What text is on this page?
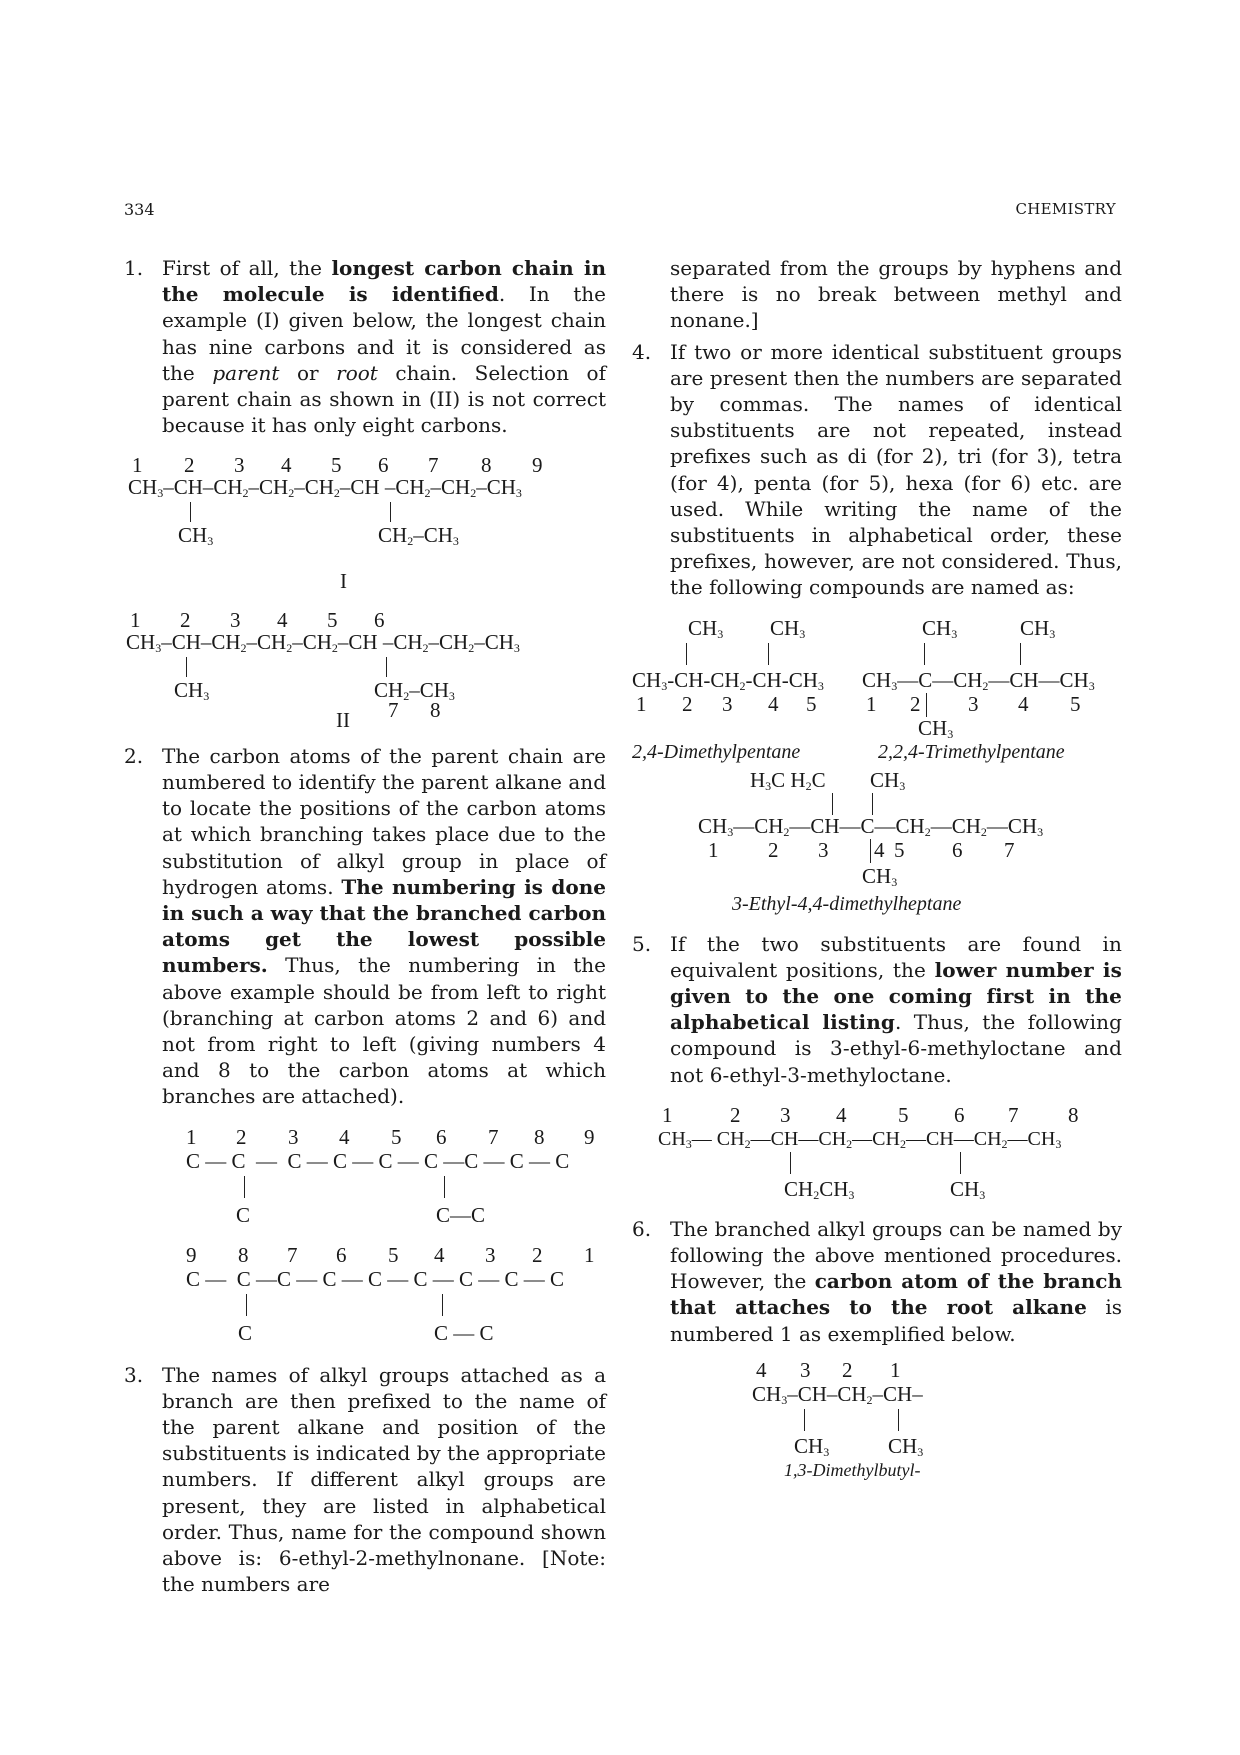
334	CHEMISTRY
1. First of all, the longest carbon chain in the molecule is identified. In the example (I) given below, the longest chain has nine carbons and it is considered as the parent or root chain. Selection of parent chain as shown in (II) is not correct because it has only eight carbons.

1 2 3 4 5 6 7 8 9
$CH_3-CH-CH_2-CH_2-CH_2-CH$ $-CH_2-CH_2-CH_3$
$CH_3$	$CH_2-CH_3$
I
1 2 3 4 5 6
$CH_3-CH-CH_2-CH_2-CH_2-CH$ $-CH_2-CH_2-CH_3$
$CH_3$	$CH_2-CH_3$
7 8
II
2. The carbon atoms of the parent chain are numbered to identify the parent alkane and to locate the positions of the carbon atoms at which branching takes place due to the substitution of alkyl group in place of hydrogen atoms. The numbering is done in such a way that the branched carbon atoms get the lowest possible numbers. Thus, the numbering in the above example should be from left to right (branching at carbon atoms 2 and 6) and not from right to left (giving numbers 4 and 8 to the carbon atoms at which branches are attached).

1 2 3 4 5 6 7 8 9
C — C  —  C — C — C — C —C — C — C
C	C—C
9 8 7 6 5 4 3 2 1
C —  C —C — C — C — C — C — C — C
C	C — C
3. The names of alkyl groups attached as a branch are then prefixed to the name of the parent alkane and position of the substituents is indicated by the appropriate numbers. If different alkyl groups are present, they are listed in alphabetical order. Thus, name for the compound shown above is: 6-ethyl-2-methylnonane. [Note: the numbers are

separated from the groups by hyphens and there is no break between methyl and nonane.]

4. If two or more identical substituent groups are present then the numbers are separated by commas. The names of identical substituents are not repeated, instead prefixes such as di (for 2), tri (for 3), tetra (for 4), penta (for 5), hexa (for 6) etc. are used. While writing the name of the substituents in alphabetical order, these prefixes, however, are not considered. Thus, the following compounds are named as:

$CH_3$ $CH_3$
$CH_3-CH-CH_2-CH-CH_3$
1 2 3 4 5
2,4-Dimethylpentane
$CH_3$	$CH_3$
$CH_3—C—CH_2—CH—CH_3$
1 2 3 4 5
$CH_3$
2,2,4-Trimethylpentane
$H_3C$ $H_2C$ $CH_3$
$CH_3—CH_2—CH—C—CH_2—CH_2—CH_3$
1 2 3 4 5 6 7
$CH_3$
3-Ethyl-4,4-dimethylheptane
5. If the two substituents are found in equivalent positions, the lower number is given to the one coming first in the alphabetical listing. Thus, the following compound is 3-ethyl-6-methyloctane and not 6-ethyl-3-methyloctane.

1	2 3 4 5 6 7 8
$CH_3—$ $CH_2—CH—CH_2—CH_2—CH—CH_2—CH_3$
$CH_2CH_3$	$CH_3$
6. The branched alkyl groups can be named by following the above mentioned procedures. However, the carbon atom of the branch that attaches to the root alkane is numbered 1 as exemplified below.

4 3 2 1
$CH_3-CH-CH_2-CH-$
$CH_3$	$CH_3$
1,3-Dimethylbutyl-
